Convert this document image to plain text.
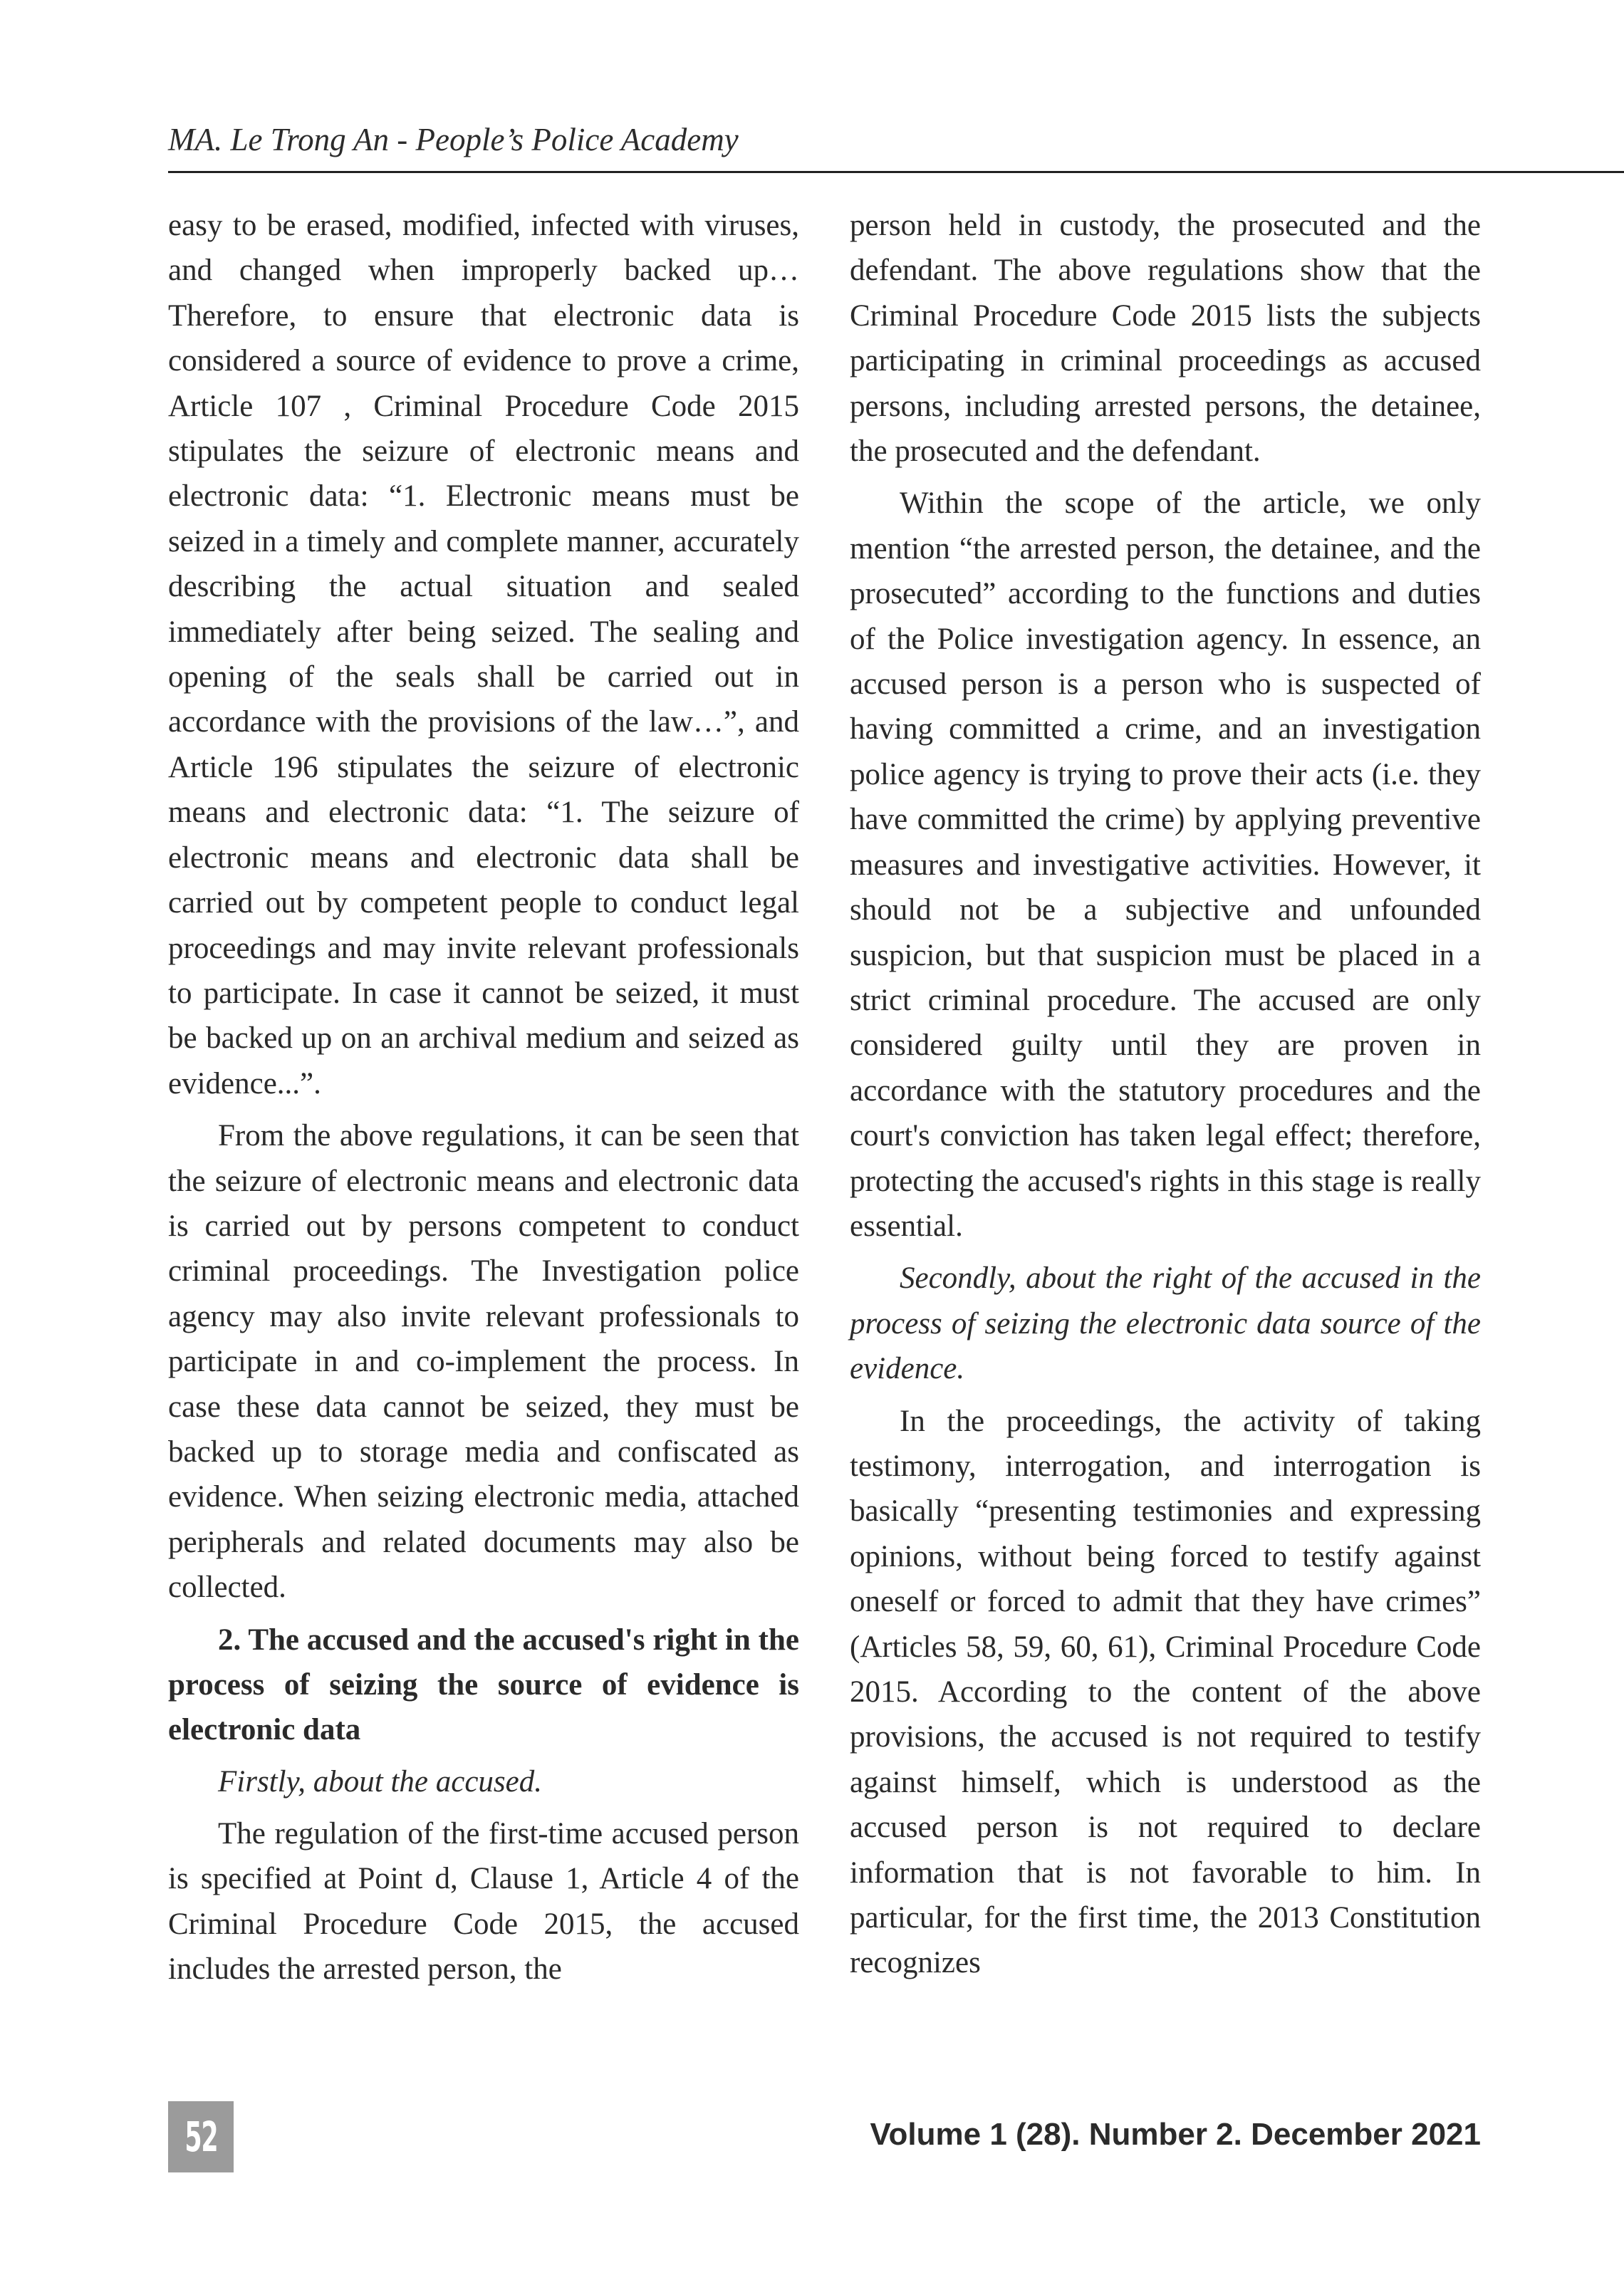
MA. Le Trong An - People’s Police Academy

easy to be erased, modified, infected with viruses, and changed when improperly backed up… Therefore, to ensure that electronic data is considered a source of evidence to prove a crime, Article 107 , Criminal Procedure Code 2015 stipulates the seizure of electronic means and electronic data: “1. Electronic means must be seized in a timely and complete manner, accurately describing the actual situation and sealed immediately after being seized. The sealing and opening of the seals shall be carried out in accordance with the provisions of the law…”, and Article 196 stipulates the seizure of electronic means and electronic data: “1. The seizure of electronic means and electronic data shall be carried out by competent people to conduct legal proceedings and may invite relevant professionals to participate. In case it cannot be seized, it must be backed up on an archival medium and seized as evidence...”.

From the above regulations, it can be seen that the seizure of electronic means and electronic data is carried out by persons competent to conduct criminal proceedings. The Investigation police agency may also invite relevant professionals to participate in and co-implement the process. In case these data cannot be seized, they must be backed up to storage media and confiscated as evidence. When seizing electronic media, attached peripherals and related documents may also be collected.

2. The accused and the accused's right in the process of seizing the source of evidence is electronic data

Firstly, about the accused.

The regulation of the first-time accused person is specified at Point d, Clause 1, Article 4 of the Criminal Procedure Code 2015, the accused includes the arrested person, the

person held in custody, the prosecuted and the defendant. The above regulations show that the Criminal Procedure Code 2015 lists the subjects participating in criminal proceedings as accused persons, including arrested persons, the detainee, the prosecuted and the defendant.

Within the scope of the article, we only mention “the arrested person, the detainee, and the prosecuted” according to the functions and duties of the Police investigation agency. In essence, an accused person is a person who is suspected of having committed a crime, and an investigation police agency is trying to prove their acts (i.e. they have committed the crime) by applying preventive measures and investigative activities. However, it should not be a subjective and unfounded suspicion, but that suspicion must be placed in a strict criminal procedure. The accused are only considered guilty until they are proven in accordance with the statutory procedures and the court's conviction has taken legal effect; therefore, protecting the accused's rights in this stage is really essential.

Secondly, about the right of the accused in the process of seizing the electronic data source of the evidence.

In the proceedings, the activity of taking testimony, interrogation, and interrogation is basically “presenting testimonies and expressing opinions, without being forced to testify against oneself or forced to admit that they have crimes” (Articles 58, 59, 60, 61), Criminal Procedure Code 2015. According to the content of the above provisions, the accused is not required to testify against himself, which is understood as the accused person is not required to declare information that is not favorable to him. In particular, for the first time, the 2013 Constitution recognizes

52	Volume 1 (28). Number 2. December 2021
